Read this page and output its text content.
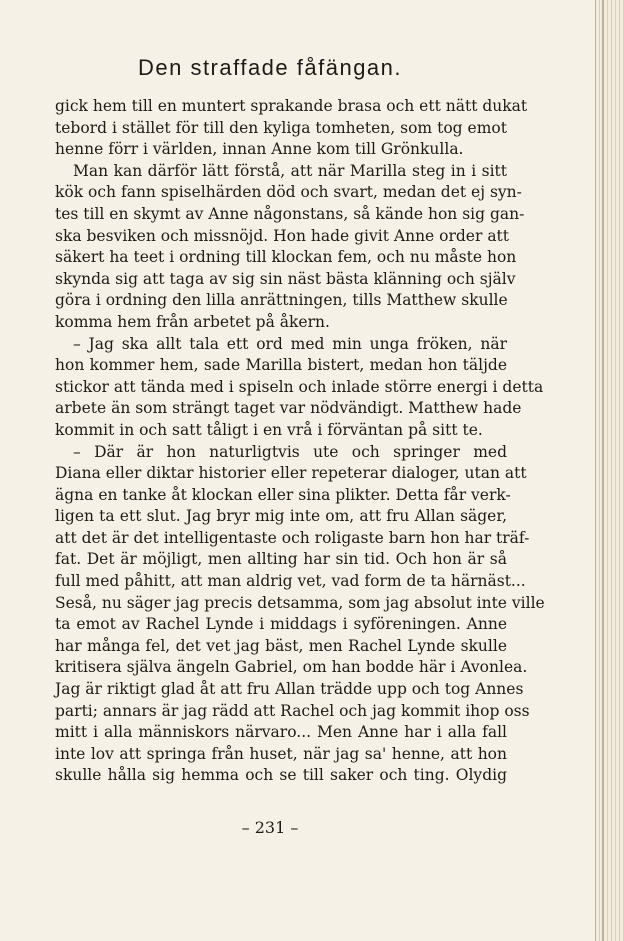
Den straffade fåfängan.
gick hem till en muntert sprakande brasa och ett nätt dukat
tebord i stället för till den kyliga tomheten, som tog emot
henne förr i världen, innan Anne kom till Grönkulla.
Man kan därför lätt förstå, att när Marilla steg in i sitt
kök och fann spiselhärden död och svart, medan det ej syn-
tes till en skymt av Anne någonstans, så kände hon sig gan-
ska besviken och missnöjd. Hon hade givit Anne order att
säkert ha teet i ordning till klockan fem, och nu måste hon
skynda sig att taga av sig sin näst bästa klänning och själv
göra i ordning den lilla anrättningen, tills Matthew skulle
komma hem från arbetet på åkern.
– Jag ska allt tala ett ord med min unga fröken, när
hon kommer hem, sade Marilla bistert, medan hon täljde
stickor att tända med i spiseln och inlade större energi i detta
arbete än som strängt taget var nödvändigt. Matthew hade
kommit in och satt tåligt i en vrå i förväntan på sitt te.
– Där är hon naturligtvis ute och springer med
Diana eller diktar historier eller repeterar dialoger, utan att
ägna en tanke åt klockan eller sina plikter. Detta får verk-
ligen ta ett slut. Jag bryr mig inte om, att fru Allan säger,
att det är det intelligentaste och roligaste barn hon har träf-
fat. Det är möjligt, men allting har sin tid. Och hon är så
full med påhitt, att man aldrig vet, vad form de ta härnäst...
Seså, nu säger jag precis detsamma, som jag absolut inte ville
ta emot av Rachel Lynde i middags i syföreningen. Anne
har många fel, det vet jag bäst, men Rachel Lynde skulle
kritisera själva ängeln Gabriel, om han bodde här i Avonlea.
Jag är riktigt glad åt att fru Allan trädde upp och tog Annes
parti; annars är jag rädd att Rachel och jag kommit ihop oss
mitt i alla människors närvaro... Men Anne har i alla fall
inte lov att springa från huset, när jag sa' henne, att hon
skulle hålla sig hemma och se till saker och ting. Olydig
– 231 –
